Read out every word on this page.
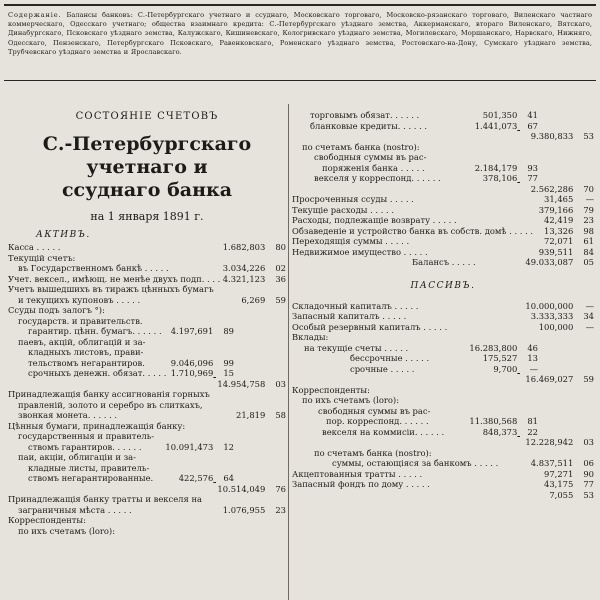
Содержаніе. Балансы банковъ: С.-Петербургскаго учетнаго и ссуднаго, Московскаго торговаго, Московско-рязанскаго торговаго, Виленскаго частнаго коммерческаго, Одесскаго учетнаго; общества взаимнаго кредита: С.-Петербургскаго уѣзднаго земства, Аккерманскаго, втораго Виленскаго, Вятскаго, Динабургскаго, Псковскаго уѣзднаго земства, Калужскаго, Кишиневскаго, Кологривскаго уѣзднаго земства, Могилевскаго, Моршанскаго, Нарвскаго, Нижняго, Одесскаго, Пензенскаго, Петербургскаго Псковскаго, Равенковскаго, Роменскаго уѣзднаго земства, Ростовскаго-на-Дону, Сумскаго уѣзднаго земства, Трубчевскаго уѣзднаго земства и Ярославскаго.
СОСТОЯНІЕ СЧЕТОВЪ
С.-Петербургскаго учетнаго и
ссуднаго банка
на 1 января 1891 г.
АКТИВЪ.
Касса . . . . .	1.682,803 80
Текущій счетъ:
въ Государственномъ банкѣ . . . . .	3.034,226 02
Учет. вексел., имѣющ. не менѣе двухъ подп. . . . 4.321,123 36
Учетъ вышедшихъ въ тиражъ цѣнныхъ бумагъ
и текущихъ купоновъ . . . . .	6,269 59
Ссуды подъ залогъ °):
государств. и правительств.
гарантир. цѣнн. бумагъ. . . . . . 4.197,691 89
паевъ, акцій, облигацій и за-
кладныхъ листовъ, прави-
тельствомъ негарантиров.	9.046,096 99
срочныхъ денежн. обязат. . . . . 1.710,969 15
14.954,758 03
Принадлежащія банку ассигнованія горныхъ
правленій, золото и серебро въ слиткахъ,
звонкая монета. . . . . .	21,819 58
Цѣнныя бумаги, принадлежащія банку:
государственныя и правитель-
ствомъ гарантиров. . . . . .	10.091,473 12
паи, акціи, облигаціи и за-
кладные листы, правитель-
ствомъ негарантированные.	422,576 64
10.514,049 76
Принадлежащія банку тратты и векселя на
заграничныя мѣста . . . . .	1.076,955 23
Корреспонденты:
по ихъ счетамъ (loro):
торговымъ обязат. . . . . .	501,350 41
бланковые кредиты. . . . . .	1.441,073 67
9.380,833 53
по счетамъ банка (nostro):
свободныя суммы въ рас-
поряженія банка . . . . .	2.184,179 93
векселя у корреспонд. . . . . .	378,106 77
2.562,286 70
Просроченныя ссуды . . . . .	31,465 —
Текущіе расходы . . . . .	379,166 79
Расходы, подлежащіе возврату . . . . .	42,419 23
Обзаведеніе и устройство банка въ собств. домѣ . . . . . 13,326 98
Переходящія суммы . . . . .	72,071 61
Недвижимое имущество . . . . .	939,511 84
Балансъ . . . . .	49.033,087 05
ПАССИВЪ.
Складочный капиталъ . . . . .	10.000,000 —
Запасный капиталъ . . . . .	3.333,333 34
Особый резервный капиталъ . . . . .	100,000 —
Вклады:
на текущіе счеты . . . . .	16.283,800 46
бессрочные . . . . .	175,527 13
срочные . . . . .	9,700 —
16.469,027 59
Корреспонденты:
по ихъ счетамъ (loro):
свободныя суммы въ рас-
пор. корреспонд. . . . . .	11.380,568 81
векселя на коммисіи. . . . . .	848,373 22
12.228,942 03
по счетамъ банка (nostro):
суммы, остающіяся за банкомъ . . . . .	4.837,511 06
Акцептованныя тратты . . . . .	97,271 90
Запасный фондъ по дому . . . . .	43,175 77
7,055 53
